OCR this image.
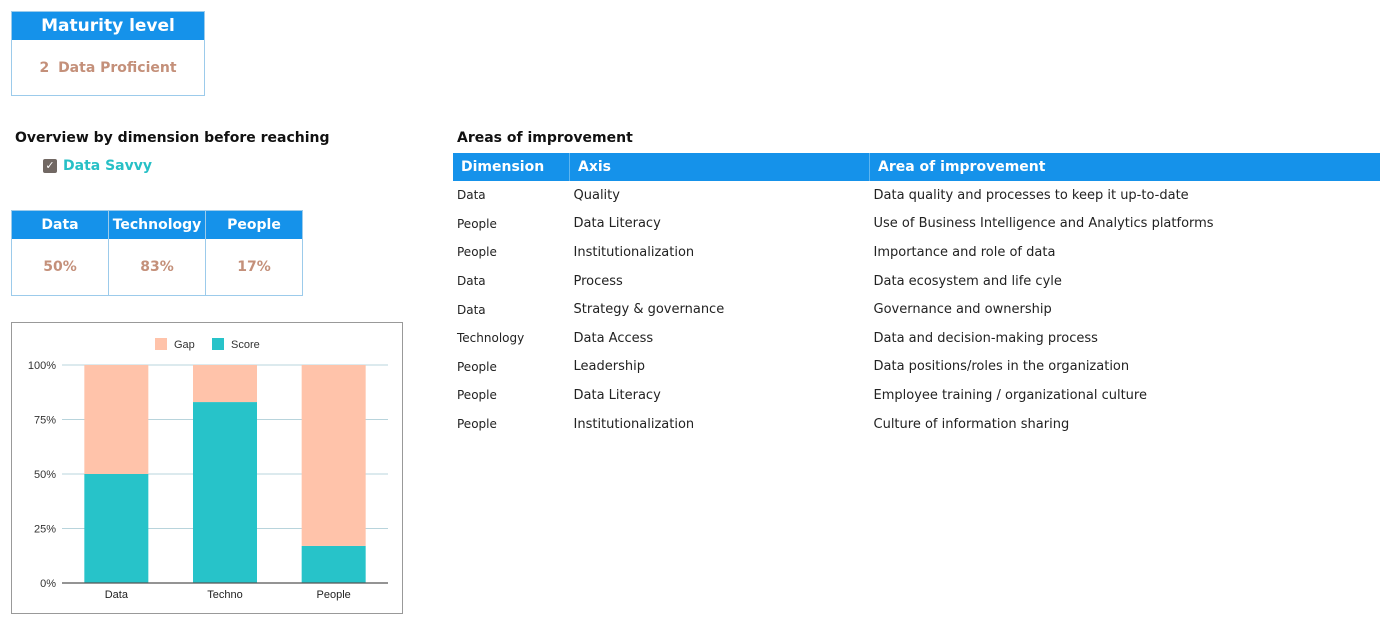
Maturity level
2 Data Proficient
Overview by dimension before reaching
✓ Data Savvy
Data
50%
Technology
83%
People
17%
0%
25%
50%
75%
100%
Data	Techno	People
Gap	Score
Areas of improvement
Dimension	Axis	Area of improvement
Data	Quality	Data quality and processes to keep it up-to-date
People	Data Literacy	Use of Business Intelligence and Analytics platforms
People	Institutionalization	Importance and role of data
Data	Process	Data ecosystem and life cyle
Data	Strategy & governance	Governance and ownership
Technology	Data Access	Data and decision-making process
People	Leadership	Data positions/roles in the organization
People	Data Literacy	Employee training / organizational culture
People	Institutionalization	Culture of information sharing
